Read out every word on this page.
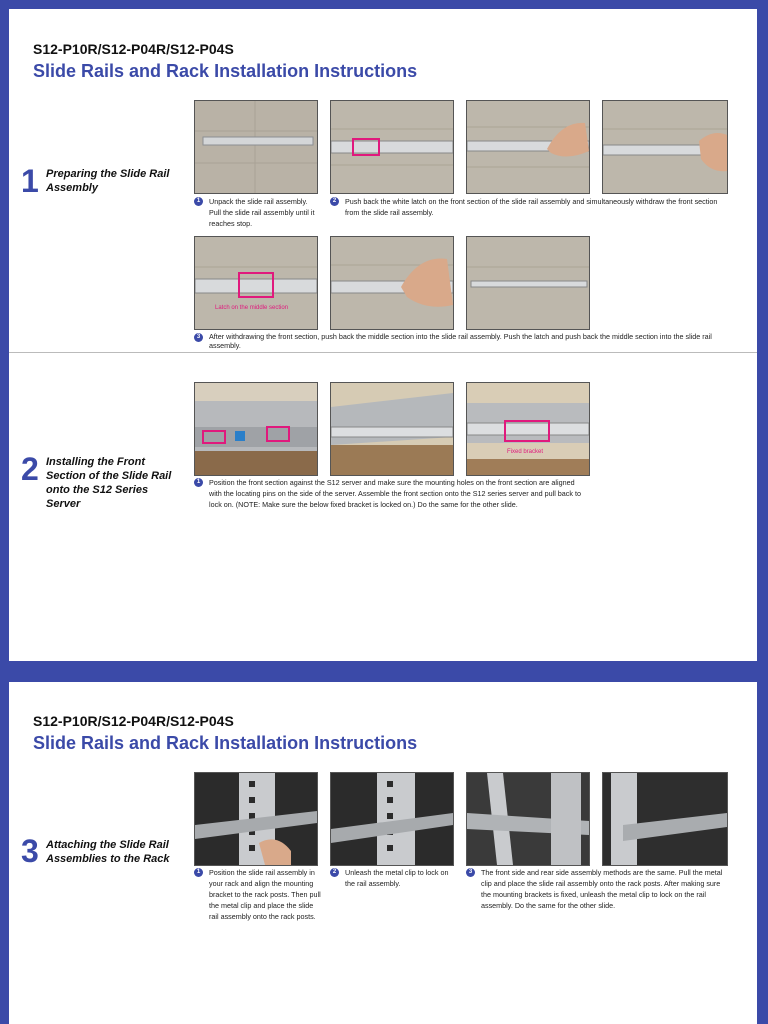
S12-P10R/S12-P04R/S12-P04S
Slide Rails and Rack Installation Instructions
1 Preparing the Slide Rail Assembly
1 Unpack the slide rail assembly. Pull the slide rail assembly until it reaches stop.
2 Push back the white latch on the front section of the slide rail assembly and simultaneously withdraw the front section from the slide rail assembly.
Latch on the middle section
3 After withdrawing the front section, push back the middle section into the slide rail assembly. Push the latch and push back the middle section into the slide rail assembly.
2 Installing the Front Section of the Slide Rail onto the S12 Series Server
Fixed bracket
1 Position the front section against the S12 server and make sure the mounting holes on the front section are aligned with the locating pins on the side of the server. Assemble the front section onto the S12 series server and pull back to lock on. (NOTE: Make sure the below fixed bracket is locked on.) Do the same for the other slide.
S12-P10R/S12-P04R/S12-P04S
Slide Rails and Rack Installation Instructions
3 Attaching the Slide Rail Assemblies to the Rack
1 Position the slide rail assembly in your rack and align the mounting bracket to the rack posts. Then pull the metal clip and place the slide rail assembly onto the rack posts.
2 Unleash the metal clip to lock on the rail assembly.
3 The front side and rear side assembly methods are the same. Pull the metal clip and place the slide rail assembly onto the rack posts. After making sure the mounting brackets is fixed, unleash the metal clip to lock on the rail assembly. Do the same for the other slide.
